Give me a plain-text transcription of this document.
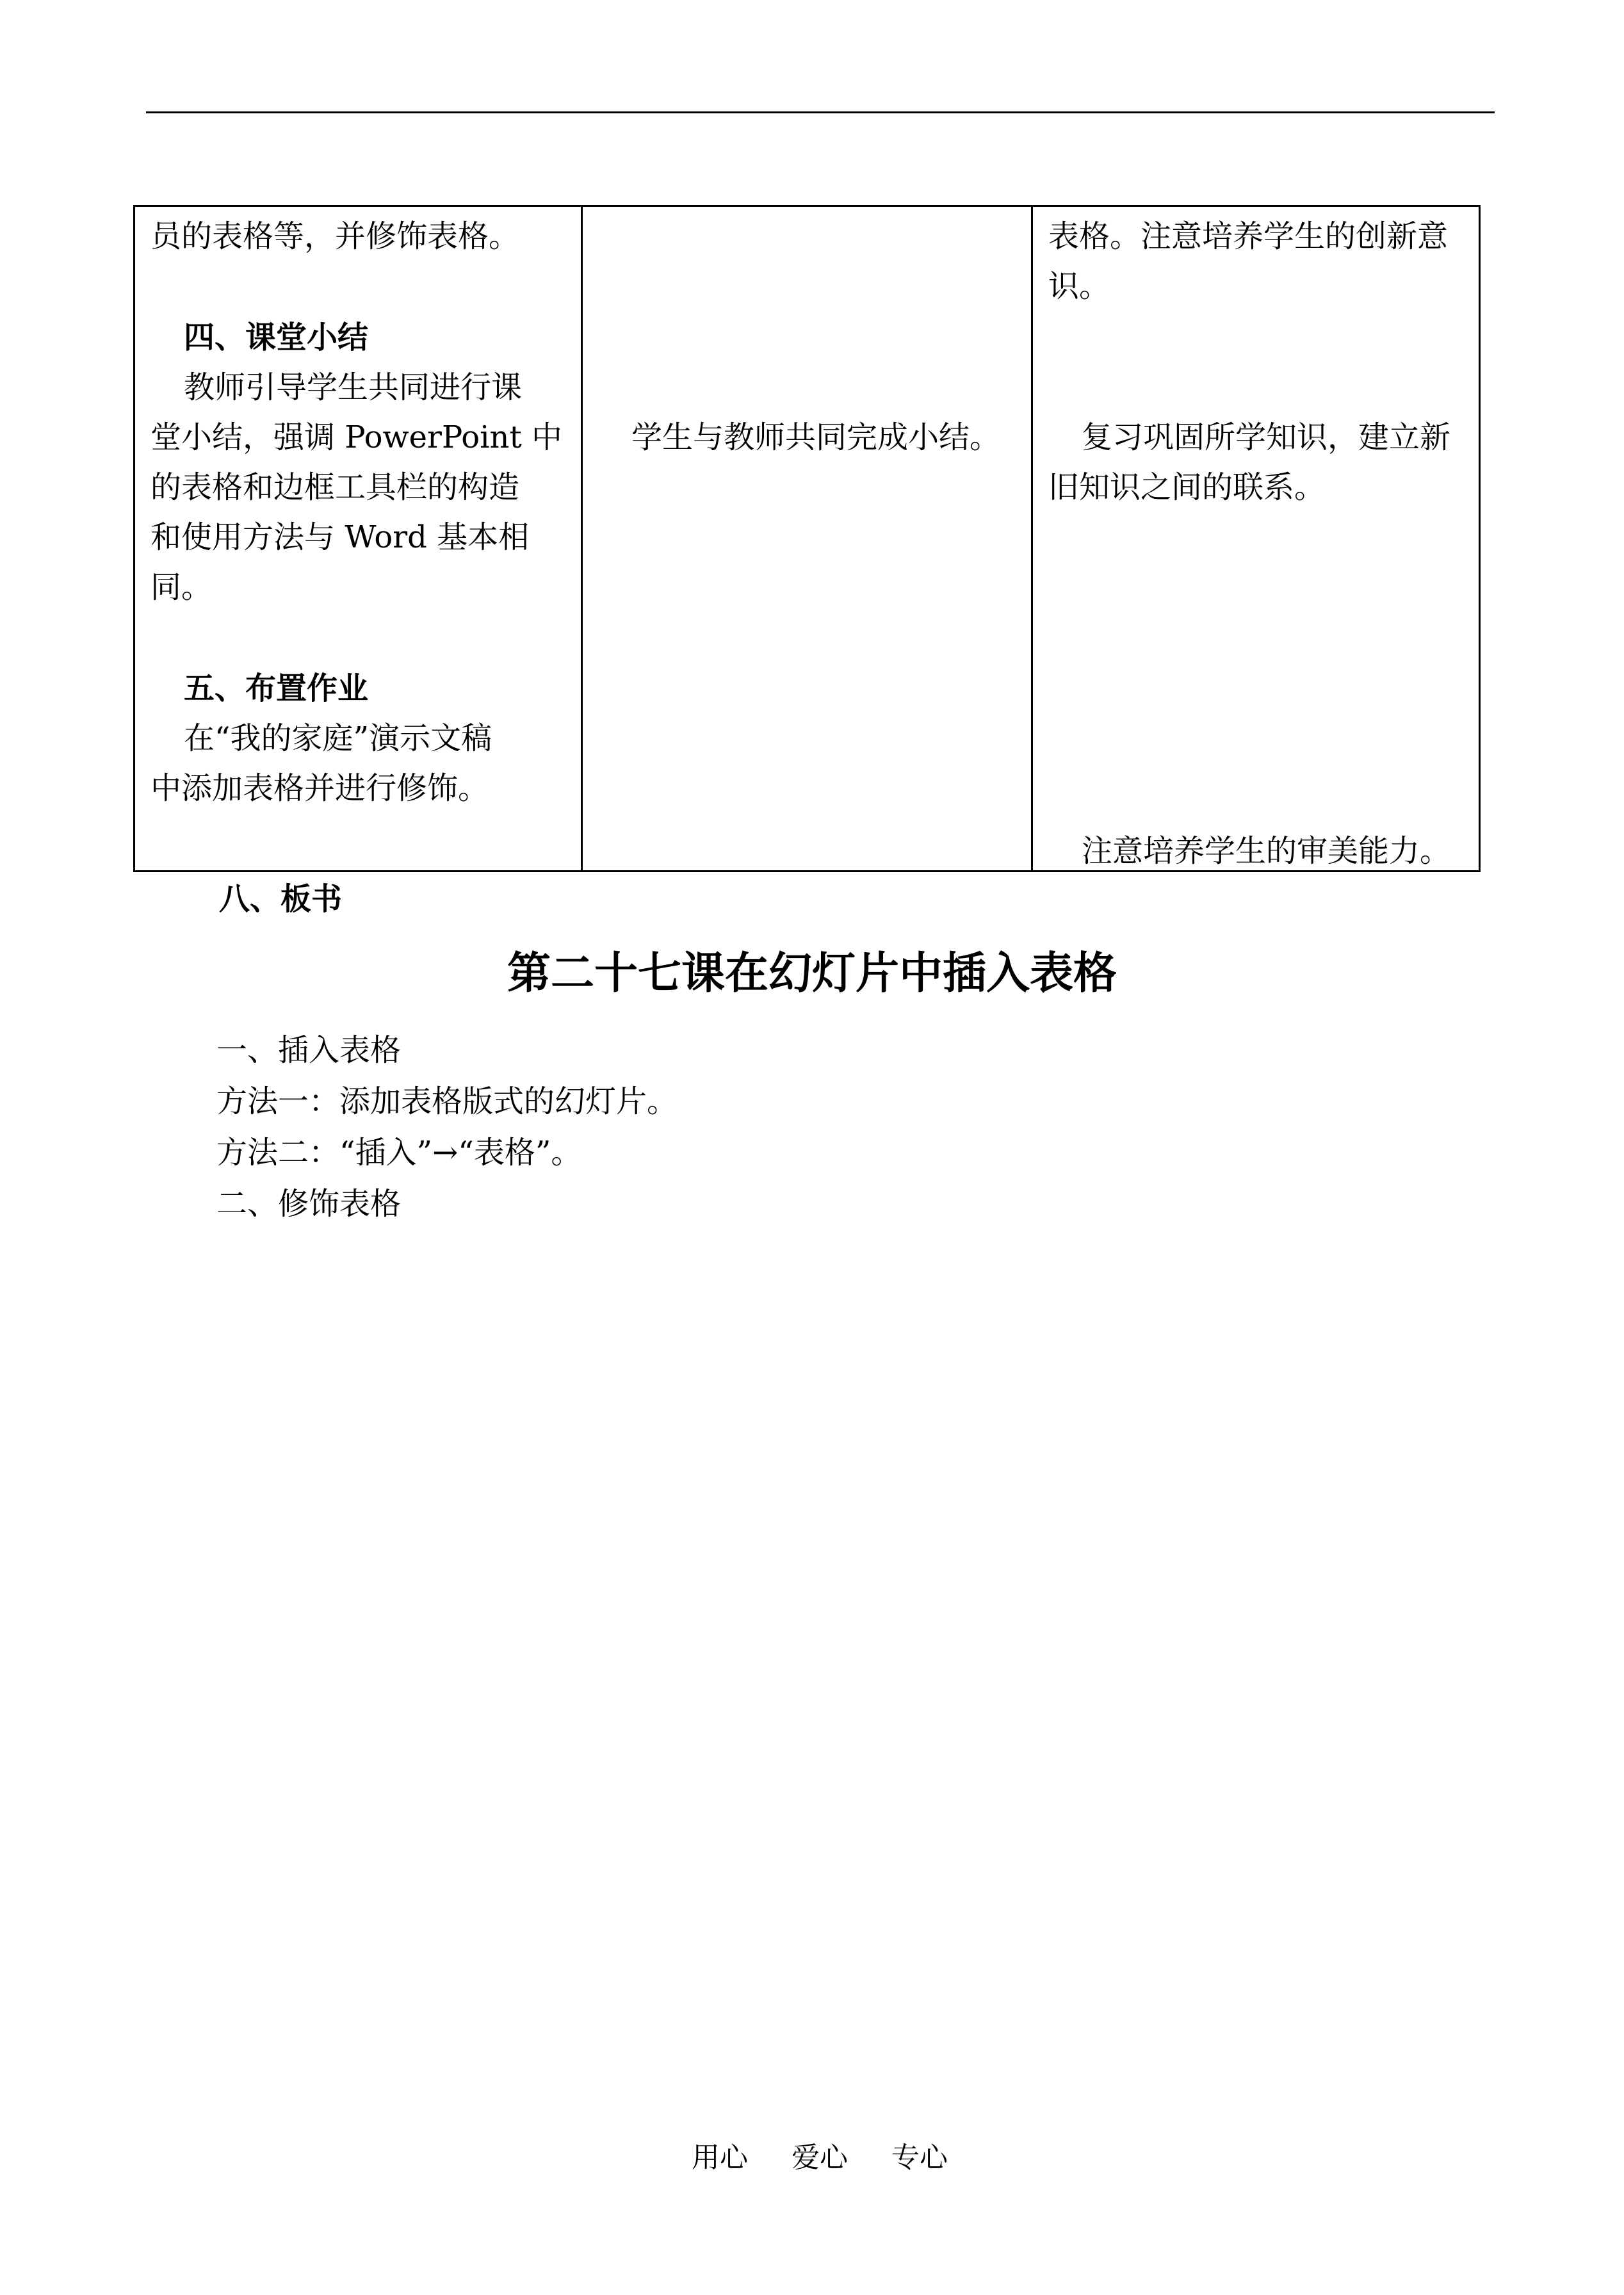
员的表格等，并修饰表格。
四、课堂小结
教师引导学生共同进行课
堂小结，强调 PowerPoint 中
的表格和边框工具栏的构造
和使用方法与 Word 基本相
同。
五、布置作业
在“我的家庭”演示文稿
中添加表格并进行修饰。

学生与教师共同完成小结。

表格。注意培养学生的创新意
识。
复习巩固所学知识，建立新
旧知识之间的联系。
注意培养学生的审美能力。
八、板书
第二十七课在幻灯片中插入表格
一、插入表格
方法一：添加表格版式的幻灯片。
方法二：“插入”→“表格”。
二、修饰表格
用心 爱心 专心
